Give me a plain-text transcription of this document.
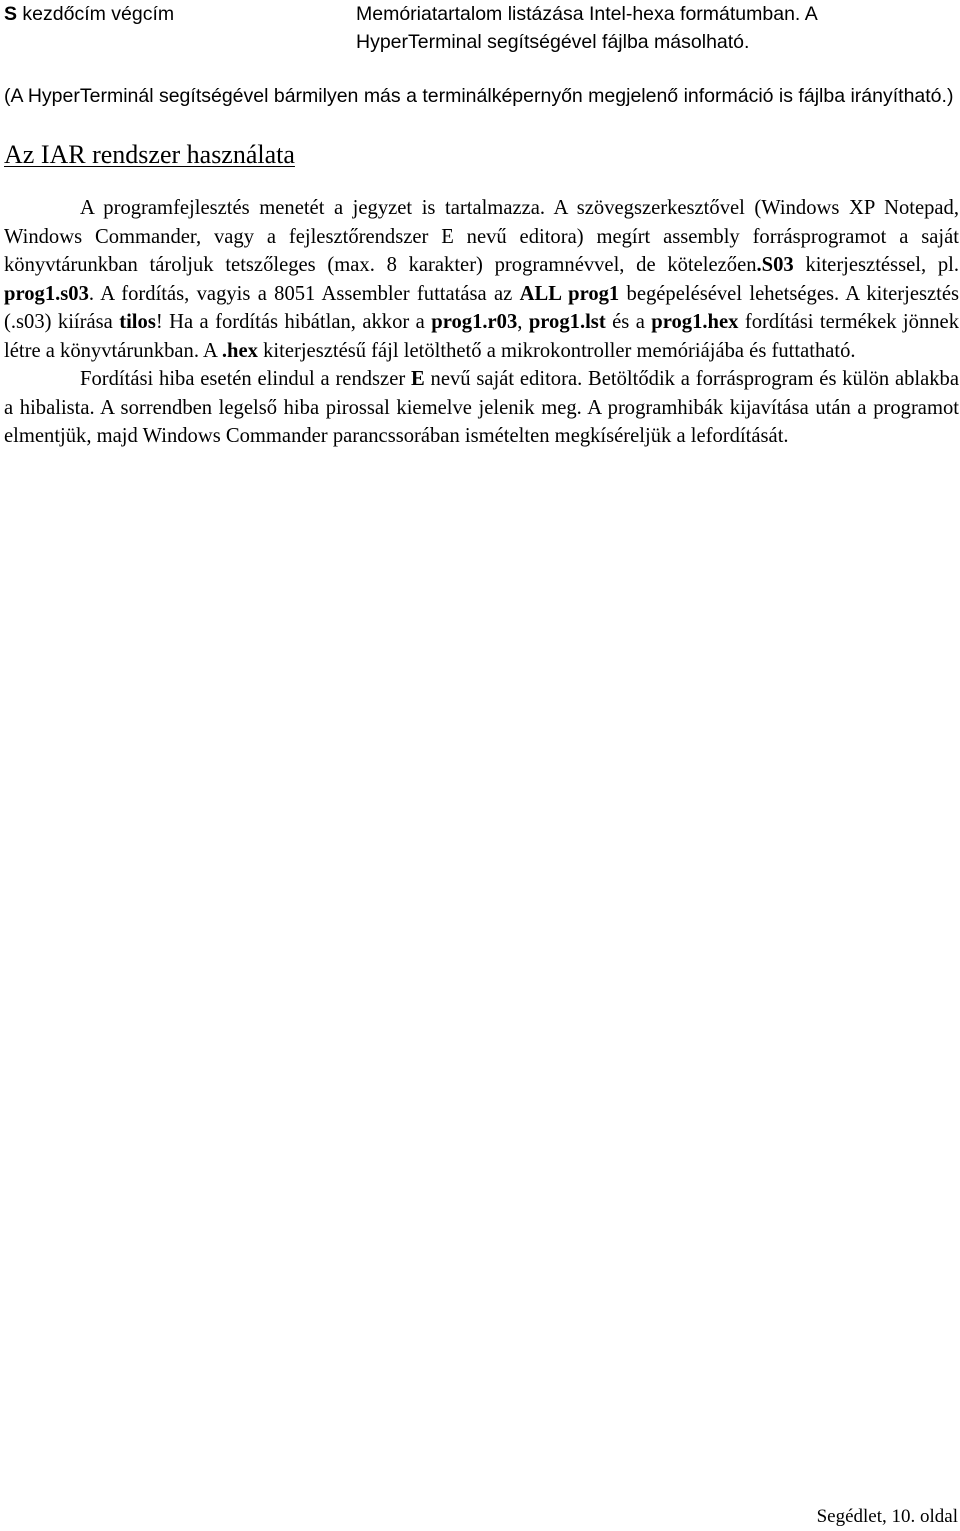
S kezdőcím végcím	Memóriatartalom listázása Intel-hexa formátumban. A HyperTerminal segítségével fájlba másolható.
(A HyperTerminál segítségével bármilyen más a terminálképernyőn megjelenő információ is fájlba irányítható.)
Az IAR rendszer használata
A programfejlesztés menetét a jegyzet is tartalmazza. A szövegszerkesztővel (Windows XP Notepad, Windows Commander, vagy a fejlesztőrendszer E nevű editora) megírt assembly forrásprogramot a saját könyvtárunkban tároljuk tetszőleges (max. 8 karakter) programnévvel, de kötelezően.S03 kiterjesztéssel, pl. prog1.s03. A fordítás, vagyis a 8051 Assembler futtatása az ALL prog1 begépelésével lehetséges. A kiterjesztés (.s03) kiírása tilos! Ha a fordítás hibátlan, akkor a prog1.r03, prog1.lst és a prog1.hex fordítási termékek jönnek létre a könyvtárunkban. A .hex kiterjesztésű fájl letölthető a mikrokontroller memóriájába és futtatható.
Fordítási hiba esetén elindul a rendszer E nevű saját editora. Betöltődik a forrásprogram és külön ablakba a hibalista. A sorrendben legelső hiba pirossal kiemelve jelenik meg. A programhibák kijavítása után a programot elmentjük, majd Windows Commander parancssorában ismételten megkíséreljük a lefordítását.
Segédlet, 10. oldal
